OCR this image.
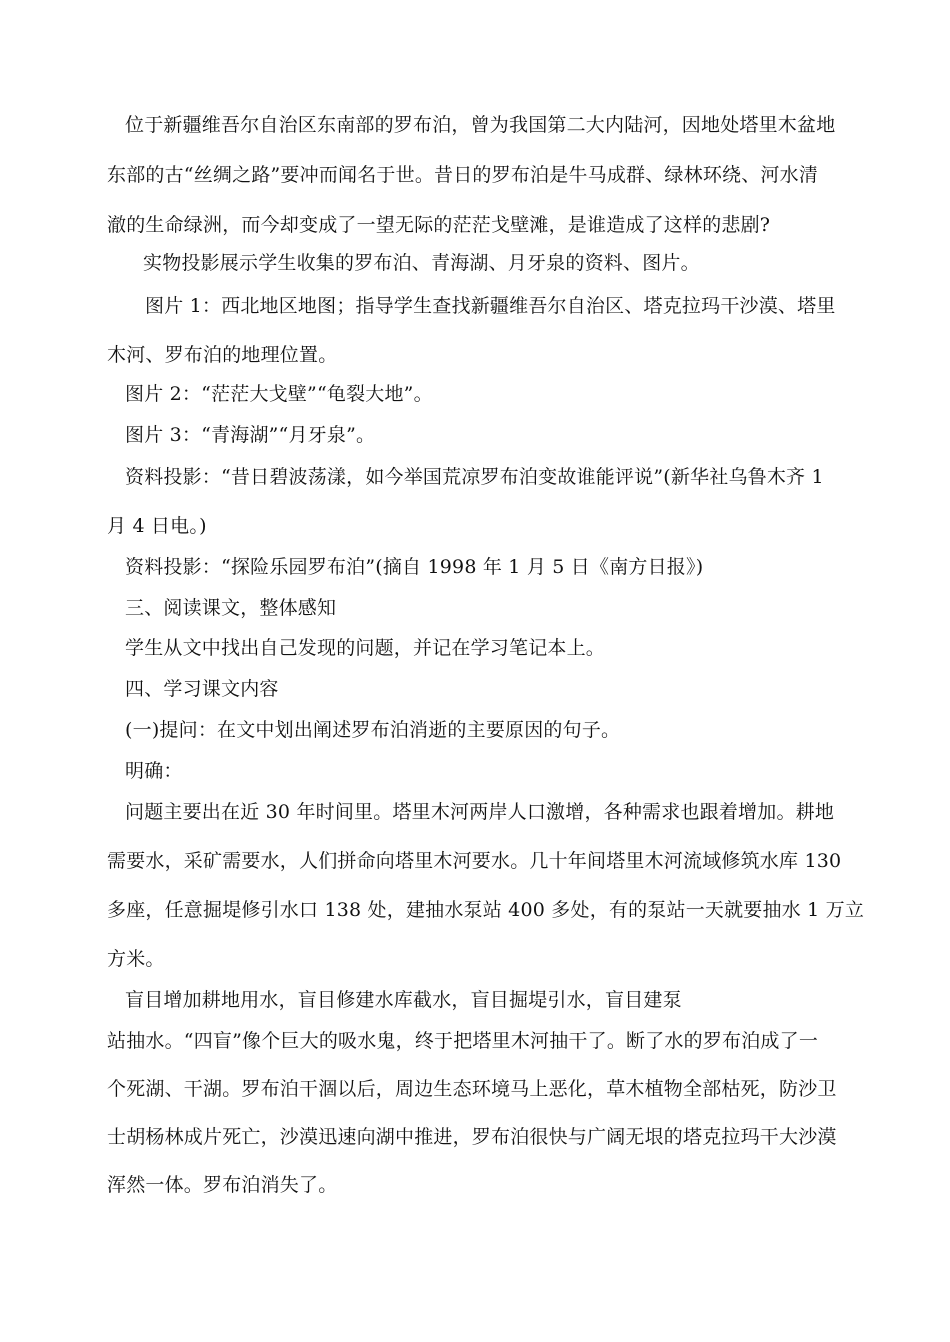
位于新疆维吾尔自治区东南部的罗布泊，曾为我国第二大内陆河，因地处塔里木盆地
东部的古“丝绸之路”要冲而闻名于世。昔日的罗布泊是牛马成群、绿林环绕、河水清
澈的生命绿洲，而今却变成了一望无际的茫茫戈壁滩，是谁造成了这样的悲剧?
实物投影展示学生收集的罗布泊、青海湖、月牙泉的资料、图片。
图片 1：西北地区地图；指导学生查找新疆维吾尔自治区、塔克拉玛干沙漠、塔里
木河、罗布泊的地理位置。
图片 2：“茫茫大戈壁”“龟裂大地”。
图片 3：“青海湖”“月牙泉”。
资料投影：“昔日碧波荡漾，如今举国荒凉罗布泊变故谁能评说”(新华社乌鲁木齐 1
月 4 日电。)
资料投影：“探险乐园罗布泊”(摘自 1998 年 1 月 5 日《南方日报》)
三、阅读课文，整体感知
学生从文中找出自己发现的问题，并记在学习笔记本上。
四、学习课文内容
(一)提问：在文中划出阐述罗布泊消逝的主要原因的句子。
明确：
问题主要出在近 30 年时间里。塔里木河两岸人口激增，各种需求也跟着增加。耕地
需要水，采矿需要水，人们拼命向塔里木河要水。几十年间塔里木河流域修筑水库 130
多座，任意掘堤修引水口 138 处，建抽水泵站 400 多处，有的泵站一天就要抽水 1 万立
方米。
盲目增加耕地用水，盲目修建水库截水，盲目掘堤引水，盲目建泵
站抽水。“四盲”像个巨大的吸水鬼，终于把塔里木河抽干了。断了水的罗布泊成了一
个死湖、干湖。罗布泊干涸以后，周边生态环境马上恶化，草木植物全部枯死，防沙卫
士胡杨林成片死亡，沙漠迅速向湖中推进，罗布泊很快与广阔无垠的塔克拉玛干大沙漠
浑然一体。罗布泊消失了。
